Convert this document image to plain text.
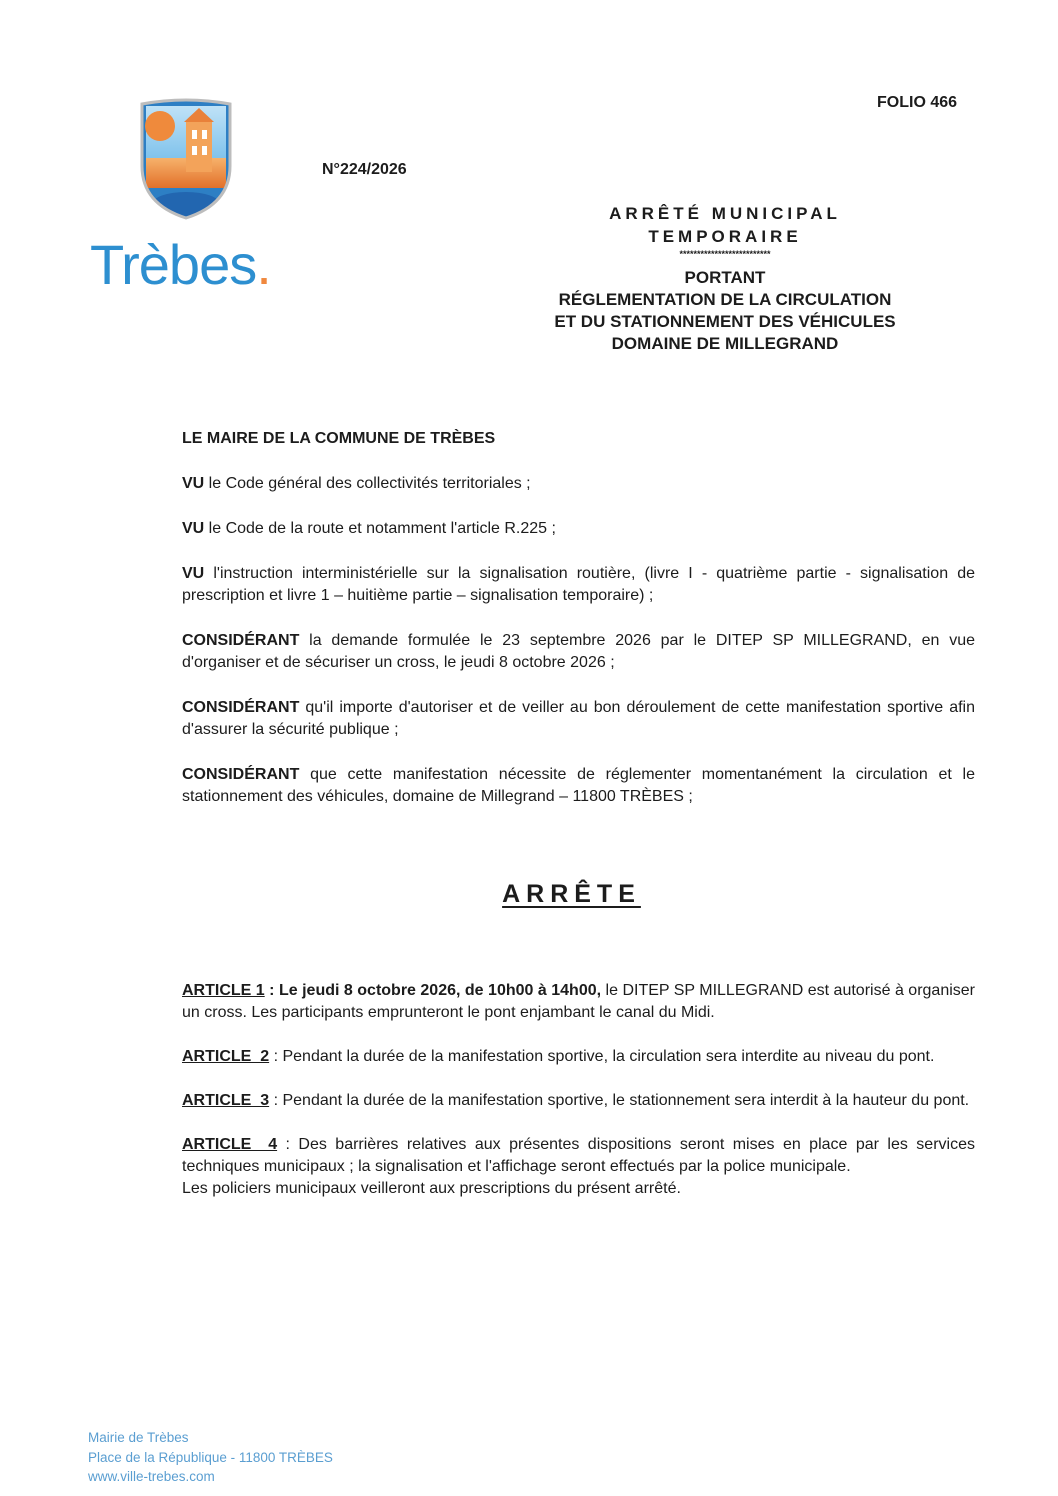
FOLIO 466
Trèbes.
N°224/2026
ARRÊTÉ MUNICIPAL
TEMPORAIRE
**************************
PORTANT
RÉGLEMENTATION DE LA CIRCULATION
ET DU STATIONNEMENT DES VÉHICULES
DOMAINE DE MILLEGRAND
LE MAIRE DE LA COMMUNE DE TRÈBES

VU le Code général des collectivités territoriales ;

VU le Code de la route et notamment l'article R.225 ;

VU l'instruction interministérielle sur la signalisation routière, (livre I - quatrième partie - signalisation de prescription et livre 1 – huitième partie – signalisation temporaire) ;

CONSIDÉRANT la demande formulée le 23 septembre 2026 par le DITEP SP MILLEGRAND, en vue d'organiser et de sécuriser un cross, le jeudi 8 octobre 2026 ;

CONSIDÉRANT qu'il importe d'autoriser et de veiller au bon déroulement de cette manifestation sportive afin d'assurer la sécurité publique ;

CONSIDÉRANT que cette manifestation nécessite de réglementer momentanément la circulation et le stationnement des véhicules, domaine de Millegrand – 11800 TRÈBES ;

ARRÊTE

ARTICLE 1 : Le jeudi 8 octobre 2026, de 10h00 à 14h00, le DITEP SP MILLEGRAND est autorisé à organiser un cross. Les participants emprunteront le pont enjambant le canal du Midi.

ARTICLE  2 : Pendant la durée de la manifestation sportive, la circulation sera interdite au niveau du pont.

ARTICLE  3 : Pendant la durée de la manifestation sportive, le stationnement sera interdit à la hauteur du pont.

ARTICLE  4 : Des barrières relatives aux présentes dispositions seront mises en place par les services techniques municipaux ; la signalisation et l'affichage seront effectués par la police municipale.

Les policiers municipaux veilleront aux prescriptions du présent arrêté.
Mairie de Trèbes
Place de la République - 11800 TRÈBES
www.ville-trebes.com
